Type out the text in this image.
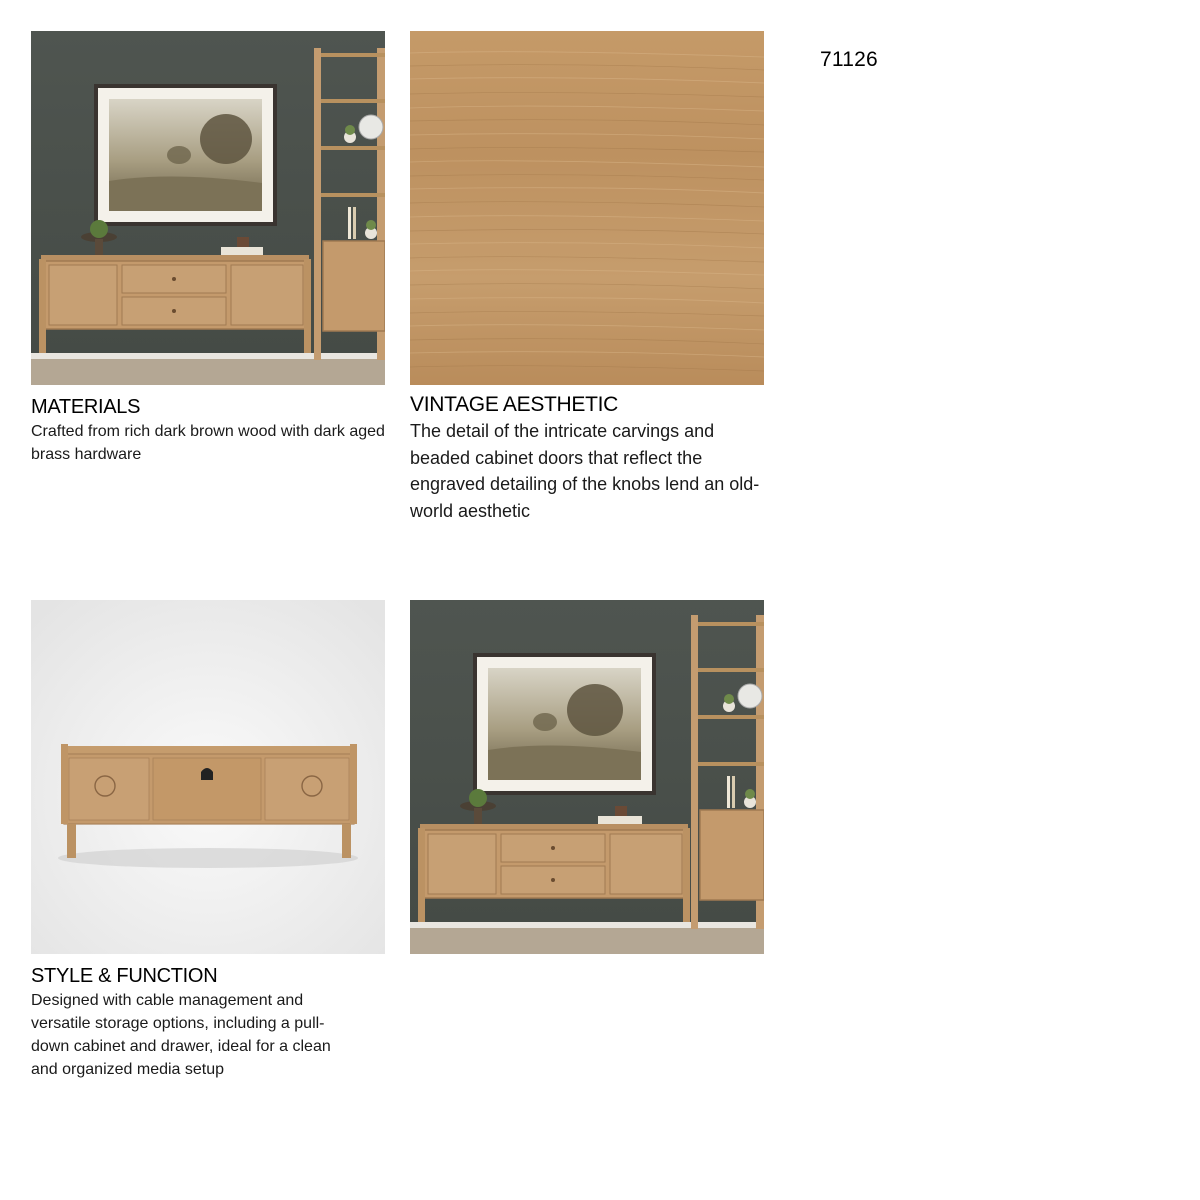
71126
MATERIALS

Crafted from rich dark brown wood with dark aged brass hardware

VINTAGE AESTHETIC

The detail of the intricate carvings and beaded cabinet doors that reflect the engraved detailing of the knobs lend an old-world aesthetic

STYLE & FUNCTION

Designed with cable management and versatile storage options, including a pull-down cabinet and drawer, ideal for a clean and organized media setup
